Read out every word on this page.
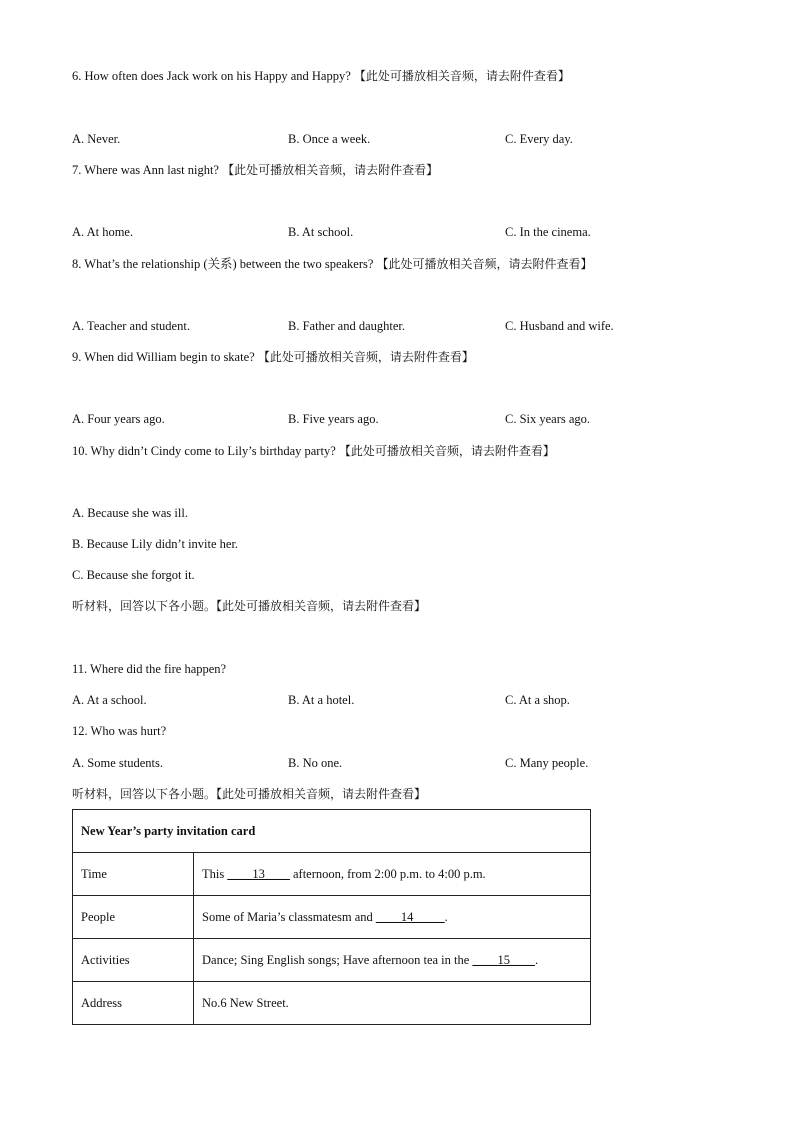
6. How often does Jack work on his Happy and Happy? 【此处可播放相关音频，请去附件查看】
A. Never.	B. Once a week.	C. Every day.
7. Where was Ann last night? 【此处可播放相关音频，请去附件查看】
A. At home.	B. At school.	C. In the cinema.
8. What’s the relationship (关系) between the two speakers? 【此处可播放相关音频，请去附件查看】
A. Teacher and student.	B. Father and daughter.	C. Husband and wife.
9. When did William begin to skate? 【此处可播放相关音频，请去附件查看】
A. Four years ago.	B. Five years ago.	C. Six years ago.
10. Why didn’t Cindy come to Lily’s birthday party? 【此处可播放相关音频，请去附件查看】
A. Because she was ill.
B. Because Lily didn’t invite her.
C. Because she forgot it.
听材料，回答以下各小题。【此处可播放相关音频，请去附件查看】
11. Where did the fire happen?
A. At a school.	B. At a hotel.	C. At a shop.
12. Who was hurt?
A. Some students.	B. No one.	C. Many people.
听材料，回答以下各小题。【此处可播放相关音频，请去附件查看】
New Year’s party invitation card	
Time	This ____13____ afternoon, from 2:00 p.m. to 4:00 p.m.
People	Some of Maria’s classmatesm and ____14_____.
Activities	Dance; Sing English songs; Have afternoon tea in the ____15____.
Address	No.6 New Street.
